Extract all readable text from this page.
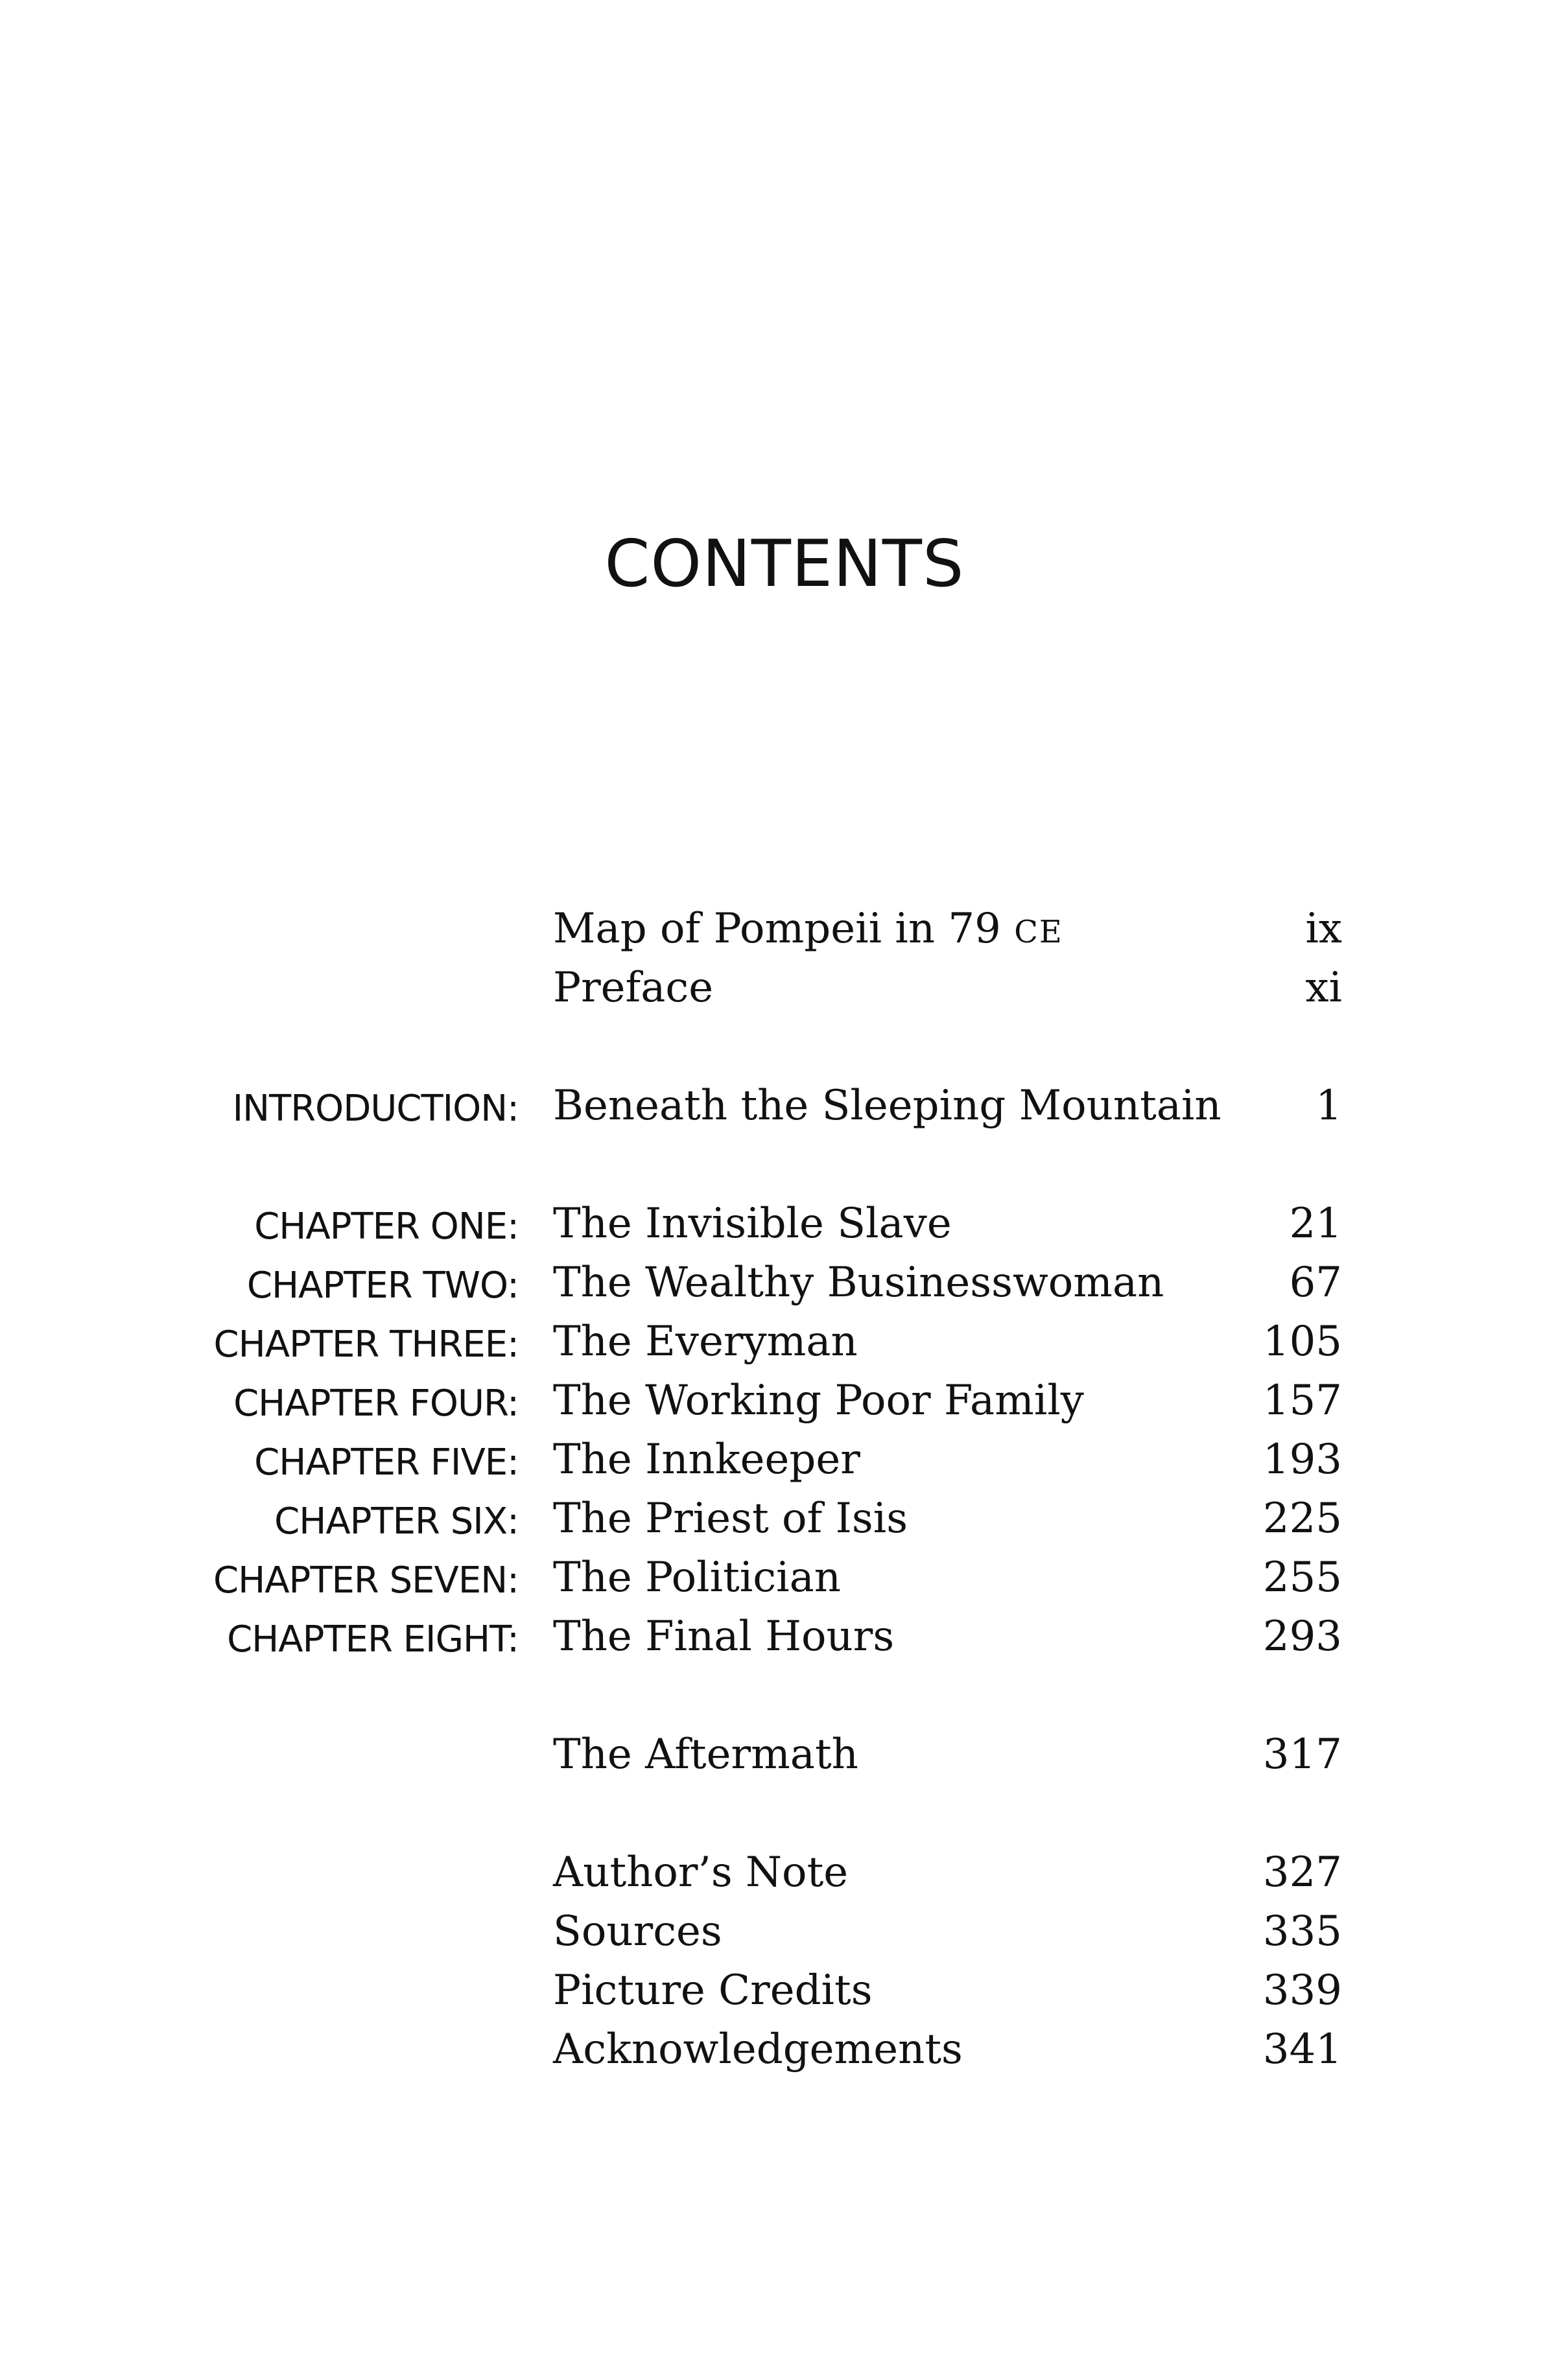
CONTENTS
Map of Pompeii in 79 CE	ix
Preface	xi
INTRODUCTION: Beneath the Sleeping Mountain 1
CHAPTER ONE: The Invisible Slave	21
CHAPTER TWO: The Wealthy Businesswoman	67
CHAPTER THREE: The Everyman	105
CHAPTER FOUR: The Working Poor Family	157
CHAPTER FIVE: The Innkeeper	193
CHAPTER SIX: The Priest of Isis	225
CHAPTER SEVEN: The Politician	255
CHAPTER EIGHT: The Final Hours	293
The Aftermath	317
Author’s Note	327
Sources	335
Picture Credits	339
Acknowledgements	341
